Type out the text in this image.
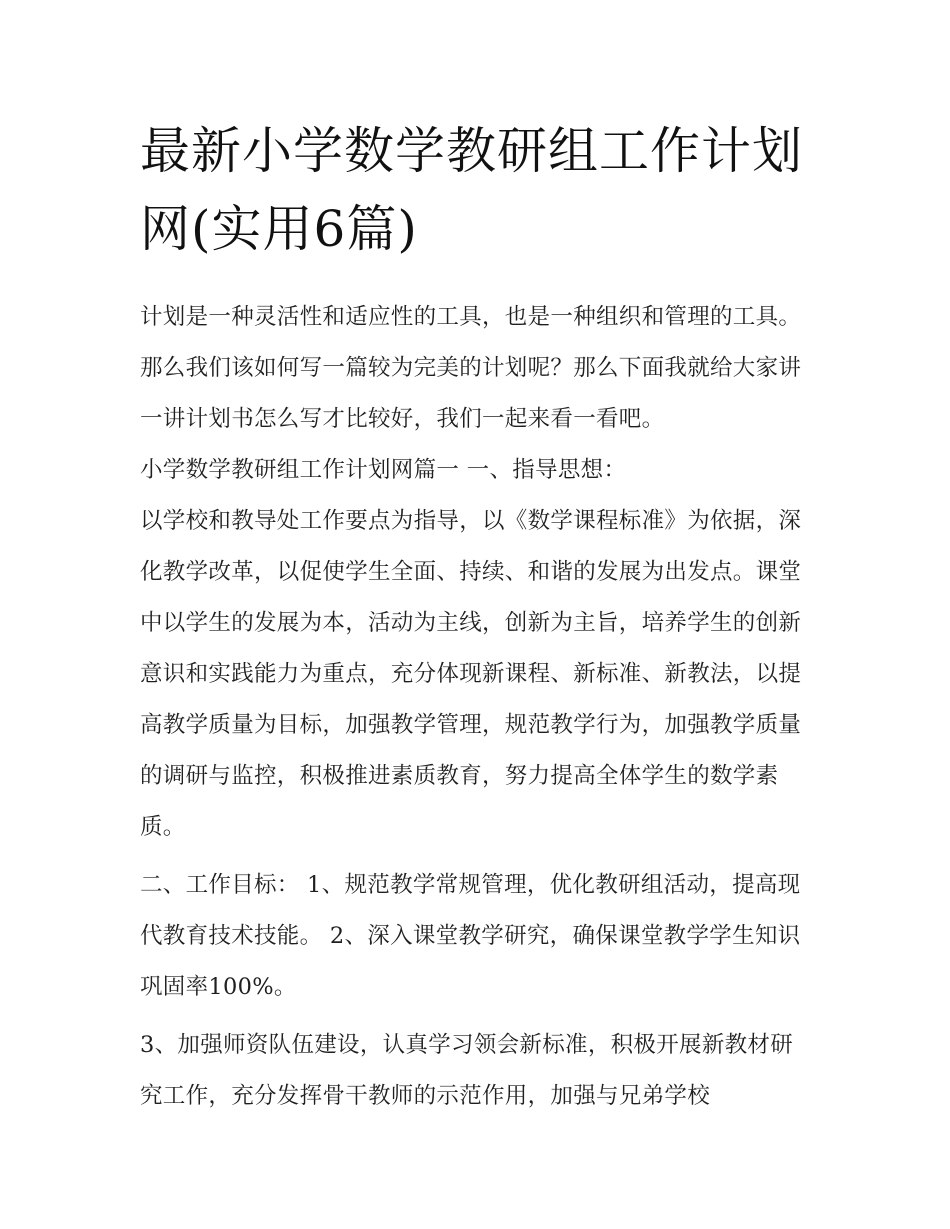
最新小学数学教研组工作计划网(实用6篇)

计划是一种灵活性和适应性的工具，也是一种组织和管理的工具。那么我们该如何写一篇较为完美的计划呢？那么下面我就给大家讲一讲计划书怎么写才比较好，我们一起来看一看吧。

小学数学教研组工作计划网篇一 一、指导思想：

以学校和教导处工作要点为指导，以《数学课程标准》为依据，深化教学改革，以促使学生全面、持续、和谐的发展为出发点。课堂中以学生的发展为本，活动为主线，创新为主旨，培养学生的创新意识和实践能力为重点，充分体现新课程、新标准、新教法，以提高教学质量为目标，加强教学管理，规范教学行为，加强教学质量的调研与监控，积极推进素质教育，努力提高全体学生的数学素质。

二、工作目标： 1、规范教学常规管理，优化教研组活动，提高现代教育技术技能。 2、深入课堂教学研究，确保课堂教学学生知识巩固率100%。

3、加强师资队伍建设，认真学习领会新标准，积极开展新教材研究工作，充分发挥骨干教师的示范作用，加强与兄弟学校
